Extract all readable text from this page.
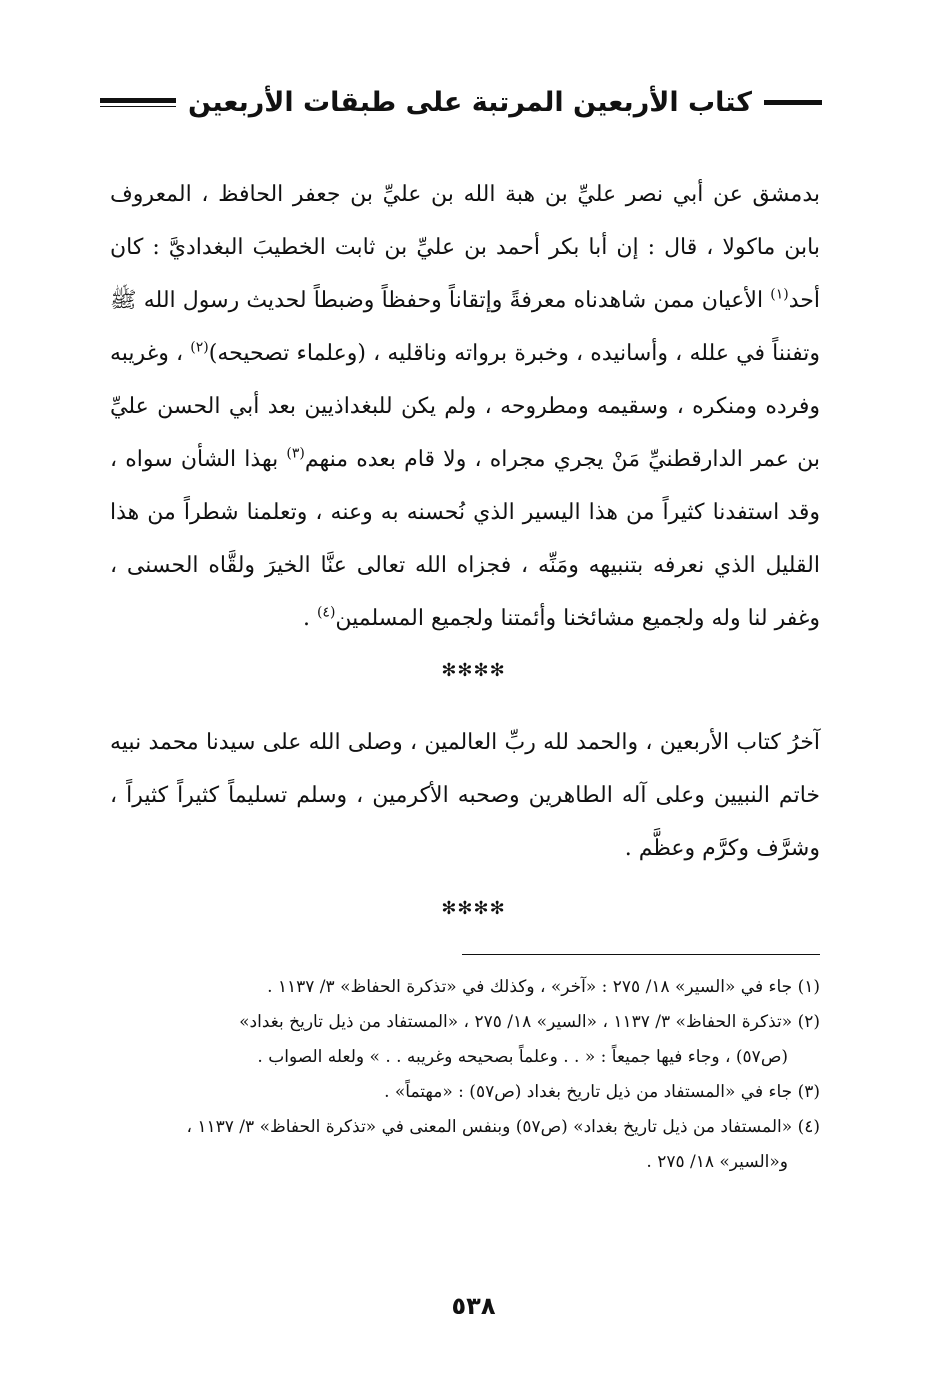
كتاب الأربعين المرتبة على طبقات الأربعين

بدمشق عن أبي نصر عليِّ بن هبة الله بن عليِّ بن جعفر الحافظ ، المعروف بابن ماكولا ، قال : إن أبا بكر أحمد بن عليِّ بن ثابت الخطيبَ البغداديَّ : كان أحد$^{(١)}$ الأعيان ممن شاهدناه معرفةً وإتقاناً وحفظاً وضبطاً لحديث رسول الله ﷺ وتفنناً في علله ، وأسانيده ، وخبرة برواته وناقليه ، (وعلماء تصحيحه)$^{(٢)}$ ، وغريبه وفرده ومنكره ، وسقيمه ومطروحه ، ولم يكن للبغداذيين بعد أبي الحسن عليِّ بن عمر الدارقطنيِّ مَنْ يجري مجراه ، ولا قام بعده منهم$^{(٣)}$ بهذا الشأن سواه ، وقد استفدنا كثيراً من هذا اليسير الذي نُحسنه به وعنه ، وتعلمنا شطراً من هذا القليل الذي نعرفه بتنبيهه ومَنِّه ، فجزاه الله تعالى عنَّا الخيرَ ولقَّاه الحسنى ، وغفر لنا وله ولجميع مشائخنا وأئمتنا ولجميع المسلمين$^{(٤)}$ .

✻✻✻✻

آخرُ كتاب الأربعين ، والحمد لله ربِّ العالمين ، وصلى الله على سيدنا محمد نبيه خاتم النبيين وعلى آله الطاهرين وصحبه الأكرمين ، وسلم تسليماً كثيراً كثيراً ، وشرَّف وكرَّم وعظَّم .

✻✻✻✻
(١) جاء في «السير» ١٨/ ٢٧٥ : «آخر» ، وكذلك في «تذكرة الحفاظ» ٣/ ١١٣٧ .
(٢) «تذكرة الحفاظ» ٣/ ١١٣٧ ، «السير» ١٨/ ٢٧٥ ، «المستفاد من ذيل تاريخ بغداد»
(ص٥٧) ، وجاء فيها جميعاً : « . . وعلماً بصحيحه وغريبه . . » ولعله الصواب .
(٣) جاء في «المستفاد من ذيل تاريخ بغداد (ص٥٧) : «مهتماً» .
(٤) «المستفاد من ذيل تاريخ بغداد» (ص٥٧) وبنفس المعنى في «تذكرة الحفاظ» ٣/ ١١٣٧ ،
و«السير» ١٨/ ٢٧٥ .
٥٣٨
